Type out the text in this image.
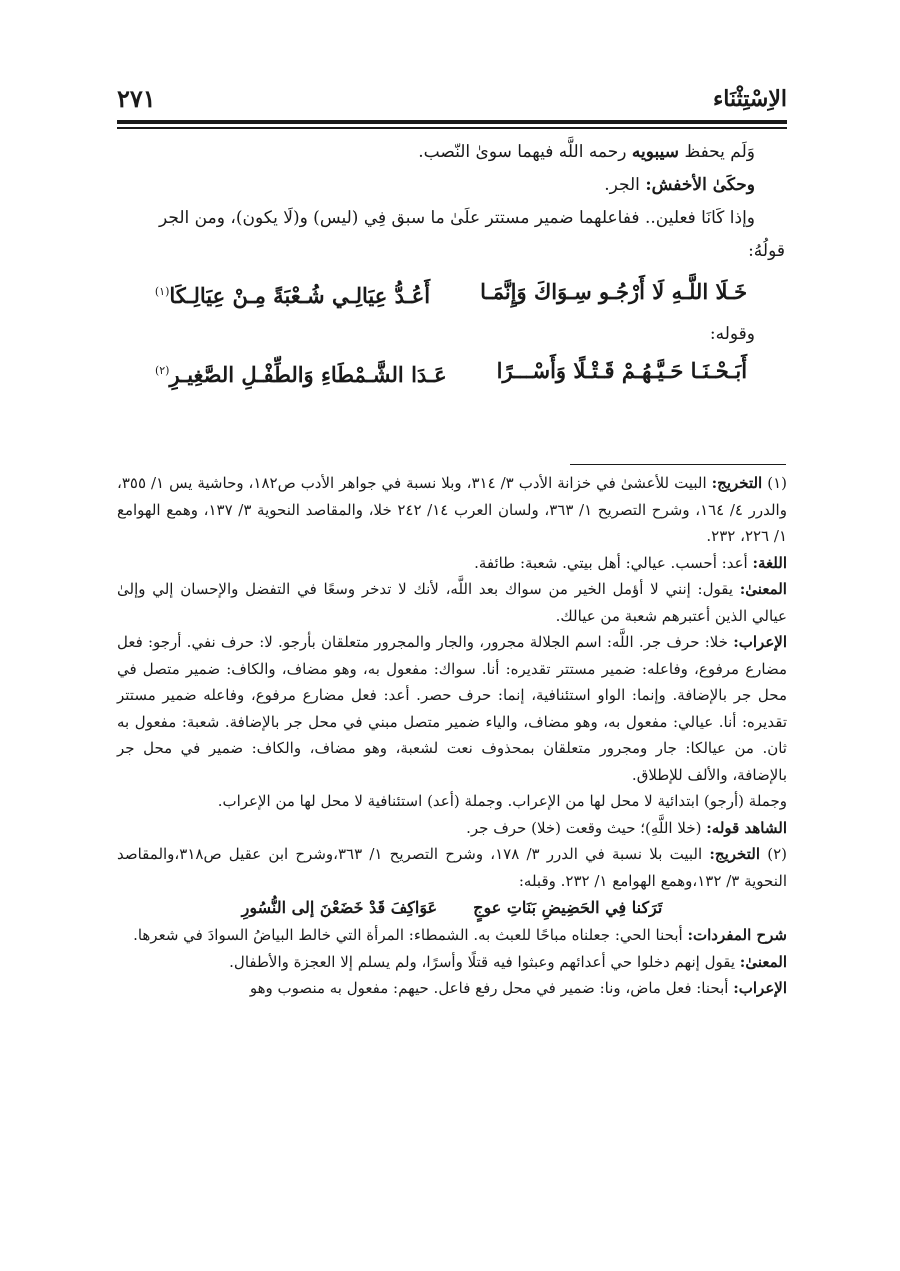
الاِسْتِثْنَاء
٢٧١

وَلَم يحفظ سيبويه رحمه اللَّه فيهما سوىٰ النّصب.

وحكَىٰ الأخفش: الجر.

وإذا كَانَا فعلين.. ففاعلهما ضمير مستتر علَىٰ ما سبق فِي (ليس) و(لَا يكون)، ومن الجر قولُهُ:

خَـلَا اللَّـهِ لَا أَرْجُـو سِـوَاكَ وَإِنَّمَـا
أَعُـدُّ عِيَالِـي شُـعْبَةً مِـنْ عِيَالِـكَا$^{(١)}$

وقوله:

أَبَـحْـنَـا حَـيَّـهُـمْ قَـتْـلًا وَأَسْـــرًا
عَـدَا الشَّـمْطَاءِ وَالطِّفْـلِ الصَّغِيـرِ$^{(٢)}$

(١) التخريج: البيت للأعشىٰ في خزانة الأدب ٣/ ٣١٤، وبلا نسبة في جواهر الأدب ص١٨٢، وحاشية يس ١/ ٣٥٥، والدرر ٤/ ١٦٤، وشرح التصريح ١/ ٣٦٣، ولسان العرب ١٤/ ٢٤٢ خلا، والمقاصد النحوية ٣/ ١٣٧، وهمع الهوامع ١/ ٢٢٦، ٢٣٢.

اللغة: أعد: أحسب. عيالي: أهل بيتي. شعبة: طائفة.

المعنىٰ: يقول: إنني لا أؤمل الخير من سواك بعد اللَّه، لأنك لا تدخر وسعًا في التفضل والإحسان إلي وإلىٰ عيالي الذين أعتبرهم شعبة من عيالك.

الإعراب: خلا: حرف جر. اللَّه: اسم الجلالة مجرور، والجار والمجرور متعلقان بأرجو. لا: حرف نفي. أرجو: فعل مضارع مرفوع، وفاعله: ضمير مستتر تقديره: أنا. سواك: مفعول به، وهو مضاف، والكاف: ضمير متصل في محل جر بالإضافة. وإنما: الواو استئنافية، إنما: حرف حصر. أعد: فعل مضارع مرفوع، وفاعله ضمير مستتر تقديره: أنا. عيالي: مفعول به، وهو مضاف، والياء ضمير متصل مبني في محل جر بالإضافة. شعبة: مفعول به ثان. من عيالكا: جار ومجرور متعلقان بمحذوف نعت لشعبة، وهو مضاف، والكاف: ضمير في محل جر بالإضافة، والألف للإطلاق.

وجملة (أرجو) ابتدائية لا محل لها من الإعراب. وجملة (أعد) استئنافية لا محل لها من الإعراب.

الشاهد قوله: (خلا اللَّهِ)؛ حيث وقعت (خلا) حرف جر.

(٢) التخريج: البيت بلا نسبة في الدرر ٣/ ١٧٨، وشرح التصريح ١/ ٣٦٣،وشرح ابن عقيل ص٣١٨،والمقاصد النحوية ٣/ ١٣٢،وهمع الهوامع ١/ ٢٣٢. وقبله:

تَرَكنا فِي الحَضِيضِ بَنَاتِ عوجٍ
عَوَاكِفَ قَدْ خَضَعْنَ إلى النُّسُورِ

شرح المفردات: أبحنا الحي: جعلناه مباحًا للعبث به. الشمطاء: المرأة التي خالط البياضُ السوادَ في شعرها.

المعنىٰ: يقول إنهم دخلوا حي أعدائهم وعبثوا فيه قتلًا وأسرًا، ولم يسلم إلا العجزة والأطفال.

الإعراب: أبحنا: فعل ماض، ونا: ضمير في محل رفع فاعل. حيهم: مفعول به منصوب وهو
